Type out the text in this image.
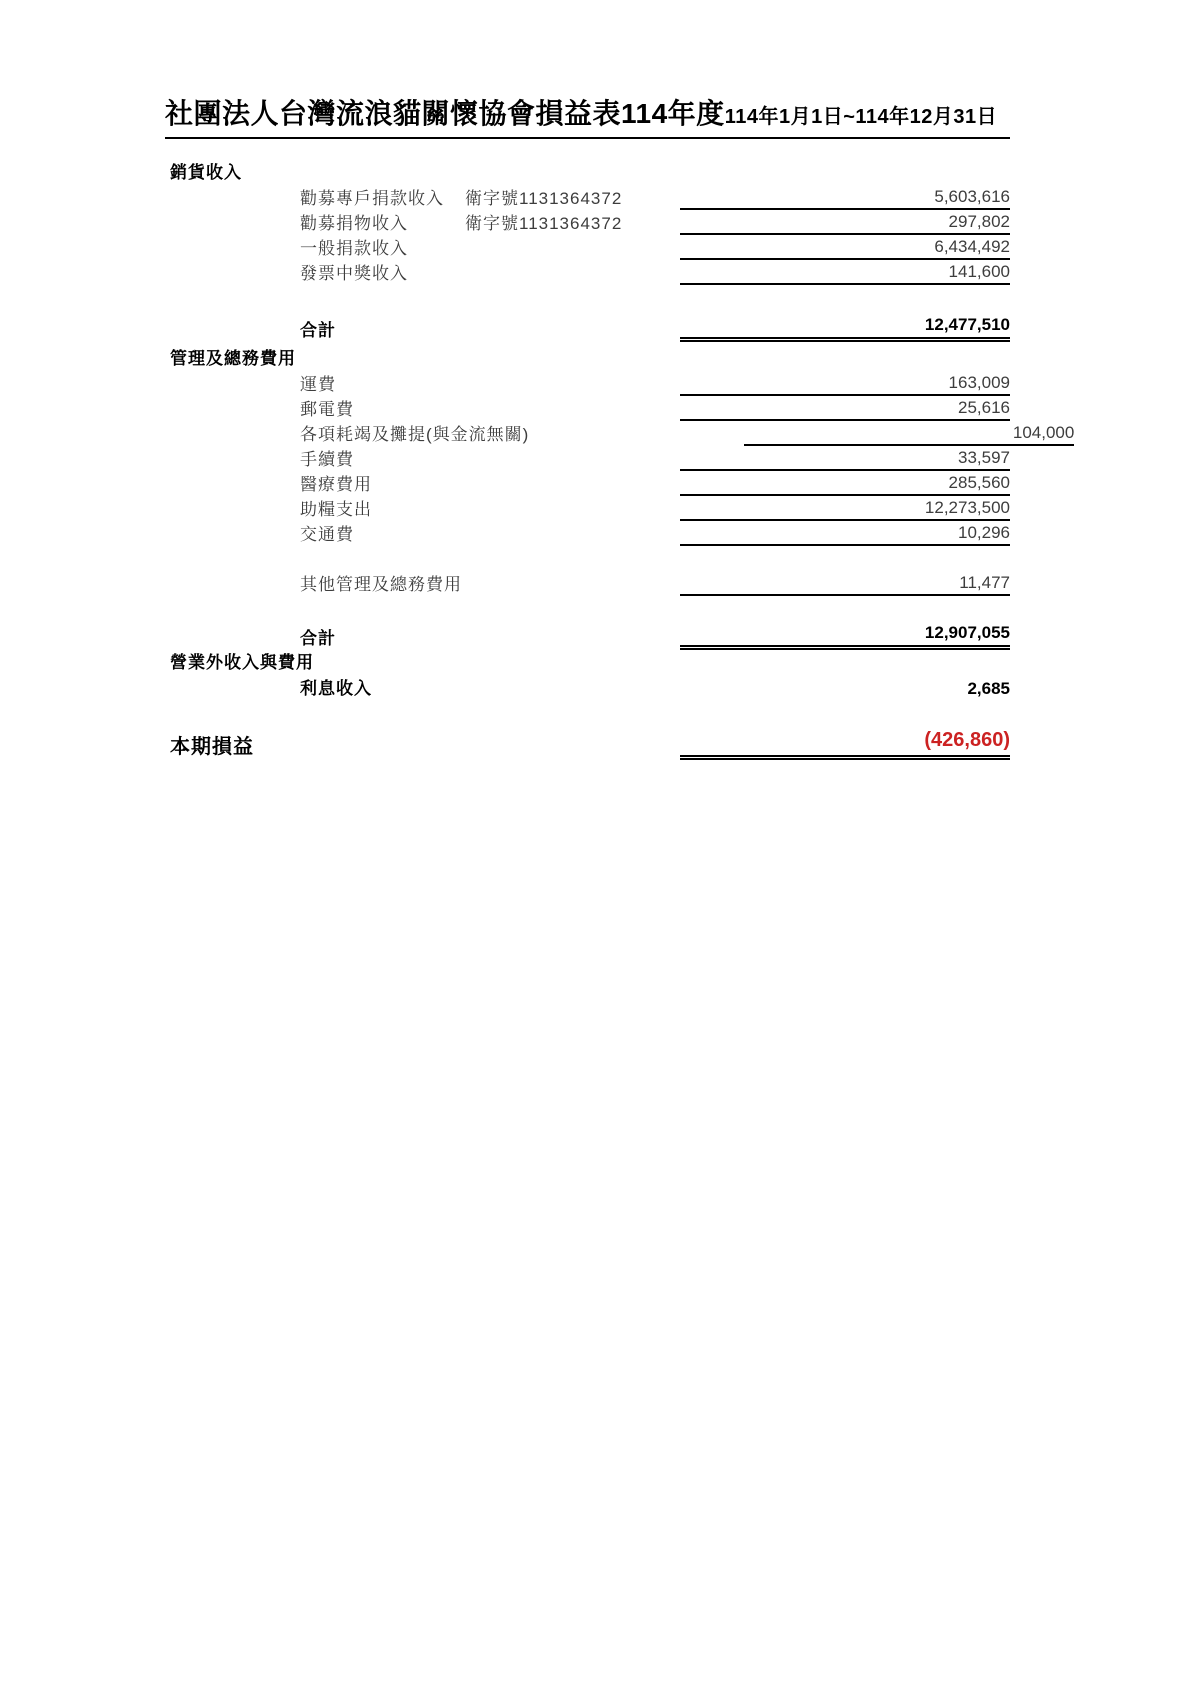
社團法人台灣流浪貓關懷協會損益表114年度 114年1月1日~114年12月31日
銷貨收入
勸募專戶捐款收入	衛字號1131364372	5,603,616
勸募捐物收入	衛字號1131364372	297,802
一般捐款收入	6,434,492
發票中獎收入	141,600
合計	12,477,510
管理及總務費用
運費	163,009
郵電費	25,616
各項耗竭及攤提(與金流無關)	104,000
手續費	33,597
醫療費用	285,560
助糧支出	12,273,500
交通費	10,296
其他管理及總務費用	11,477
合計	12,907,055
營業外收入與費用
利息收入	2,685
本期損益	(426,860)
